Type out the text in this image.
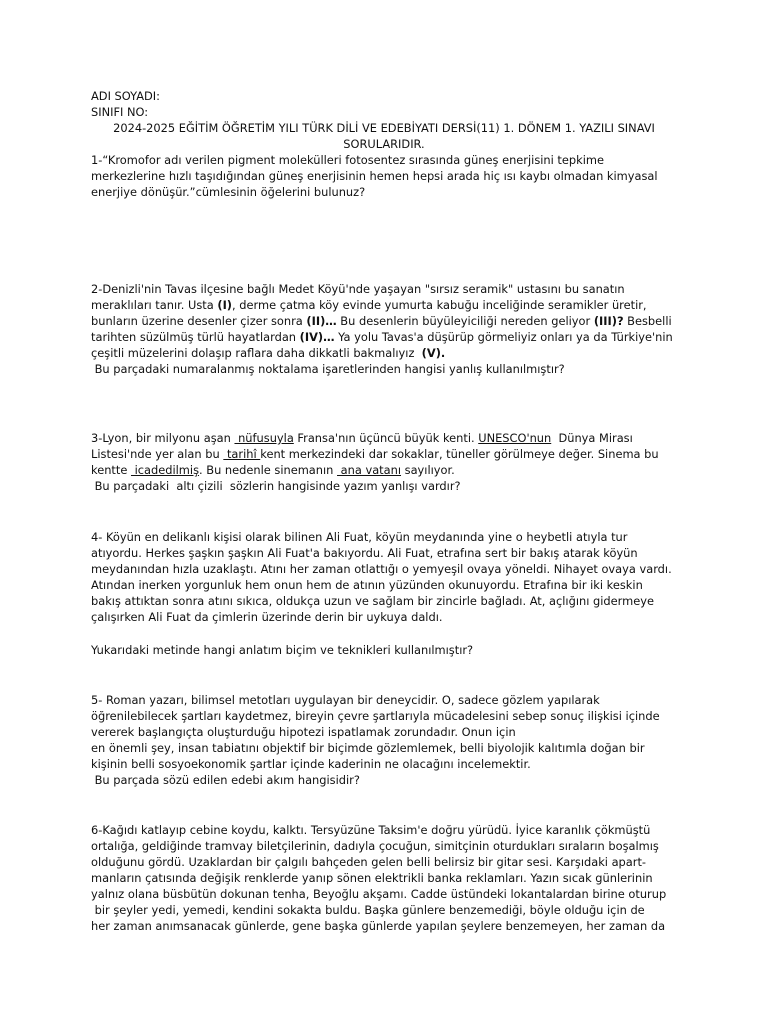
ADI SOYADI:
SINIFI NO:
2024-2025 EĞİTİM ÖĞRETİM YILI TÜRK DİLİ VE EDEBİYATI DERSİ(11) 1. DÖNEM 1. YAZILI SINAVI
SORULARIDIR.
1-“Kromofor adı verilen pigment molekülleri fotosentez sırasında güneş enerjisini tepkime
merkezlerine hızlı taşıdığından güneş enerjisinin hemen hepsi arada hiç ısı kaybı olmadan kimyasal
enerjiye dönüşür.”cümlesinin öğelerini bulunuz?
2-Denizli'nin Tavas ilçesine bağlı Medet Köyü'nde yaşayan "sırsız seramik" ustasını bu sanatın
meraklıları tanır. Usta (I), derme çatma köy evinde yumurta kabuğu inceliğinde seramikler üretir,
bunların üzerine desenler çizer sonra (II)… Bu desenlerin büyüleyiciliği nereden geliyor (III)? Besbelli
tarihten süzülmüş türlü hayatlardan (IV)… Ya yolu Tavas'a düşürüp görmeliyiz onları ya da Türkiye'nin
çeşitli müzelerini dolaşıp raflara daha dikkatli bakmalıyız  (V).
Bu parçadaki numaralanmış noktalama işaretlerinden hangisi yanlış kullanılmıştır?
3-Lyon, bir milyonu aşan  nüfusuyla Fransa'nın üçüncü büyük kenti. UNESCO'nun  Dünya Mirası
Listesi'nde yer alan bu  tarihî kent merkezindeki dar sokaklar, tüneller görülmeye değer. Sinema bu
kentte  icadedilmiş. Bu nedenle sinemanın  ana vatanı sayılıyor.
Bu parçadaki  altı çizili  sözlerin hangisinde yazım yanlışı vardır?
4- Köyün en delikanlı kişisi olarak bilinen Ali Fuat, köyün meydanında yine o heybetli atıyla tur
atıyordu. Herkes şaşkın şaşkın Ali Fuat'a bakıyordu. Ali Fuat, etrafına sert bir bakış atarak köyün
meydanından hızla uzaklaştı. Atını her zaman otlattığı o yemyeşil ovaya yöneldi. Nihayet ovaya vardı.
Atından inerken yorgunluk hem onun hem de atının yüzünden okunuyordu. Etrafına bir iki keskin
bakış attıktan sonra atını sıkıca, oldukça uzun ve sağlam bir zincirle bağladı. At, açlığını gidermeye
çalışırken Ali Fuat da çimlerin üzerinde derin bir uykuya daldı.
Yukarıdaki metinde hangi anlatım biçim ve teknikleri kullanılmıştır?
5- Roman yazarı, bilimsel metotları uygulayan bir deneycidir. O, sadece gözlem yapılarak
öğrenilebilecek şartları kaydetmez, bireyin çevre şartlarıyla mücadelesini sebep sonuç ilişkisi içinde
vererek başlangıçta oluşturduğu hipotezi ispatlamak zorundadır. Onun için
en önemli şey, insan tabiatını objektif bir biçimde gözlemlemek, belli biyolojik kalıtımla doğan bir
kişinin belli sosyoekonomik şartlar içinde kaderinin ne olacağını incelemektir.
Bu parçada sözü edilen edebi akım hangisidir?
6-Kağıdı katlayıp cebine koydu, kalktı. Tersyüzüne Taksim'e doğru yürüdü. İyice karanlık çökmüştü
ortalığa, geldiğinde tramvay biletçilerinin, dadıyla çocuğun, simitçinin oturdukları sıraların boşalmış
olduğunu gördü. Uzaklardan bir çalgılı bahçeden gelen belli belirsiz bir gitar sesi. Karşıdaki apart-
manların çatısında değişik renklerde yanıp sönen elektrikli banka reklamları. Yazın sıcak günlerinin
yalnız olana büsbütün dokunan tenha, Beyoğlu akşamı. Cadde üstündeki lokantalardan birine oturup
bir şeyler yedi, yemedi, kendini sokakta buldu. Başka günlere benzemediği, böyle olduğu için de
her zaman anımsanacak günlerde, gene başka günlerde yapılan şeylere benzemeyen, her zaman da
